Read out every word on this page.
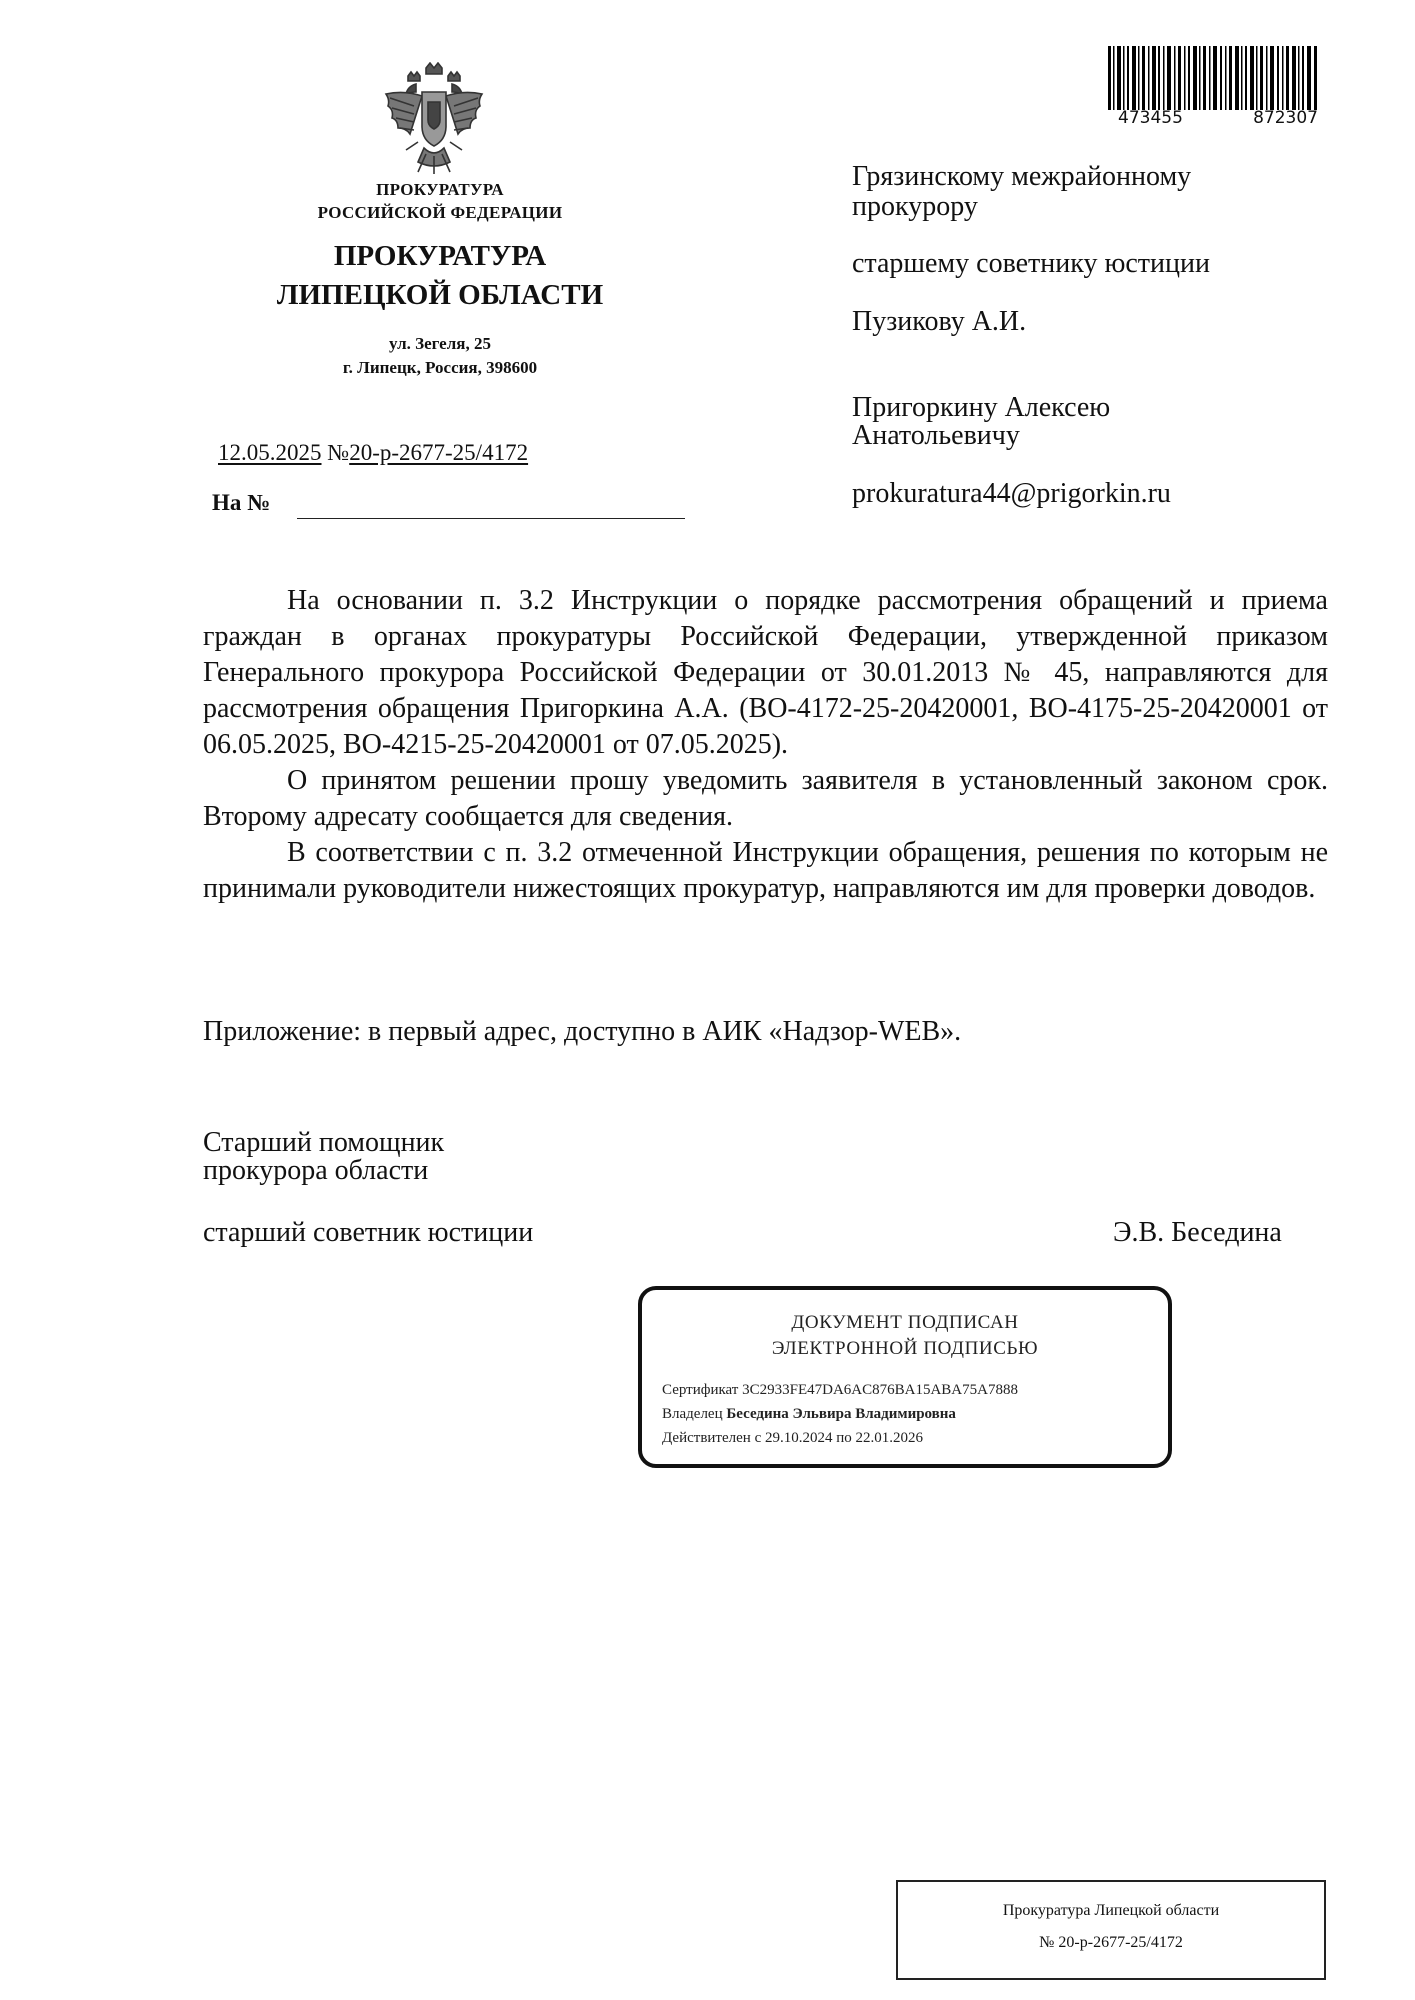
ПРОКУРАТУРА
РОССИЙСКОЙ ФЕДЕРАЦИИ
ПРОКУРАТУРА
ЛИПЕЦКОЙ ОБЛАСТИ
ул. Зегеля, 25
г. Липецк, Россия, 398600
12.05.2025 №20-р-2677-25/4172
На №
473455	872307
Грязинскому межрайонному
прокурору
старшему советнику юстиции
Пузикову А.И.
Пригоркину Алексею
Анатольевичу
prokuratura44@prigorkin.ru

На основании п. 3.2 Инструкции о порядке рассмотрения обращений и приема граждан в органах прокуратуры Российской Федерации, утвержденной приказом Генерального прокурора Российской Федерации от 30.01.2013 № 45, направляются для рассмотрения обращения Пригоркина А.А. (ВО-4172-25-20420001, ВО-4175-25-20420001 от 06.05.2025, ВО-4215-25-20420001 от 07.05.2025).

О принятом решении прошу уведомить заявителя в установленный законом срок. Второму адресату сообщается для сведения.

В соответствии с п. 3.2 отмеченной Инструкции обращения, решения по которым не принимали руководители нижестоящих прокуратур, направляются им для проверки доводов.

Приложение: в первый адрес, доступно в АИК «Надзор-WEB».
Старший помощник
прокурора области
старший советник юстиции	Э.В. Беседина
ДОКУМЕНТ ПОДПИСАН
ЭЛЕКТРОННОЙ ПОДПИСЬЮ
Сертификат 3C2933FE47DA6AC876BA15ABA75A7888
Владелец Беседина Эльвира Владимировна
Действителен с 29.10.2024 по 22.01.2026
Прокуратура Липецкой области
№ 20-р-2677-25/4172
